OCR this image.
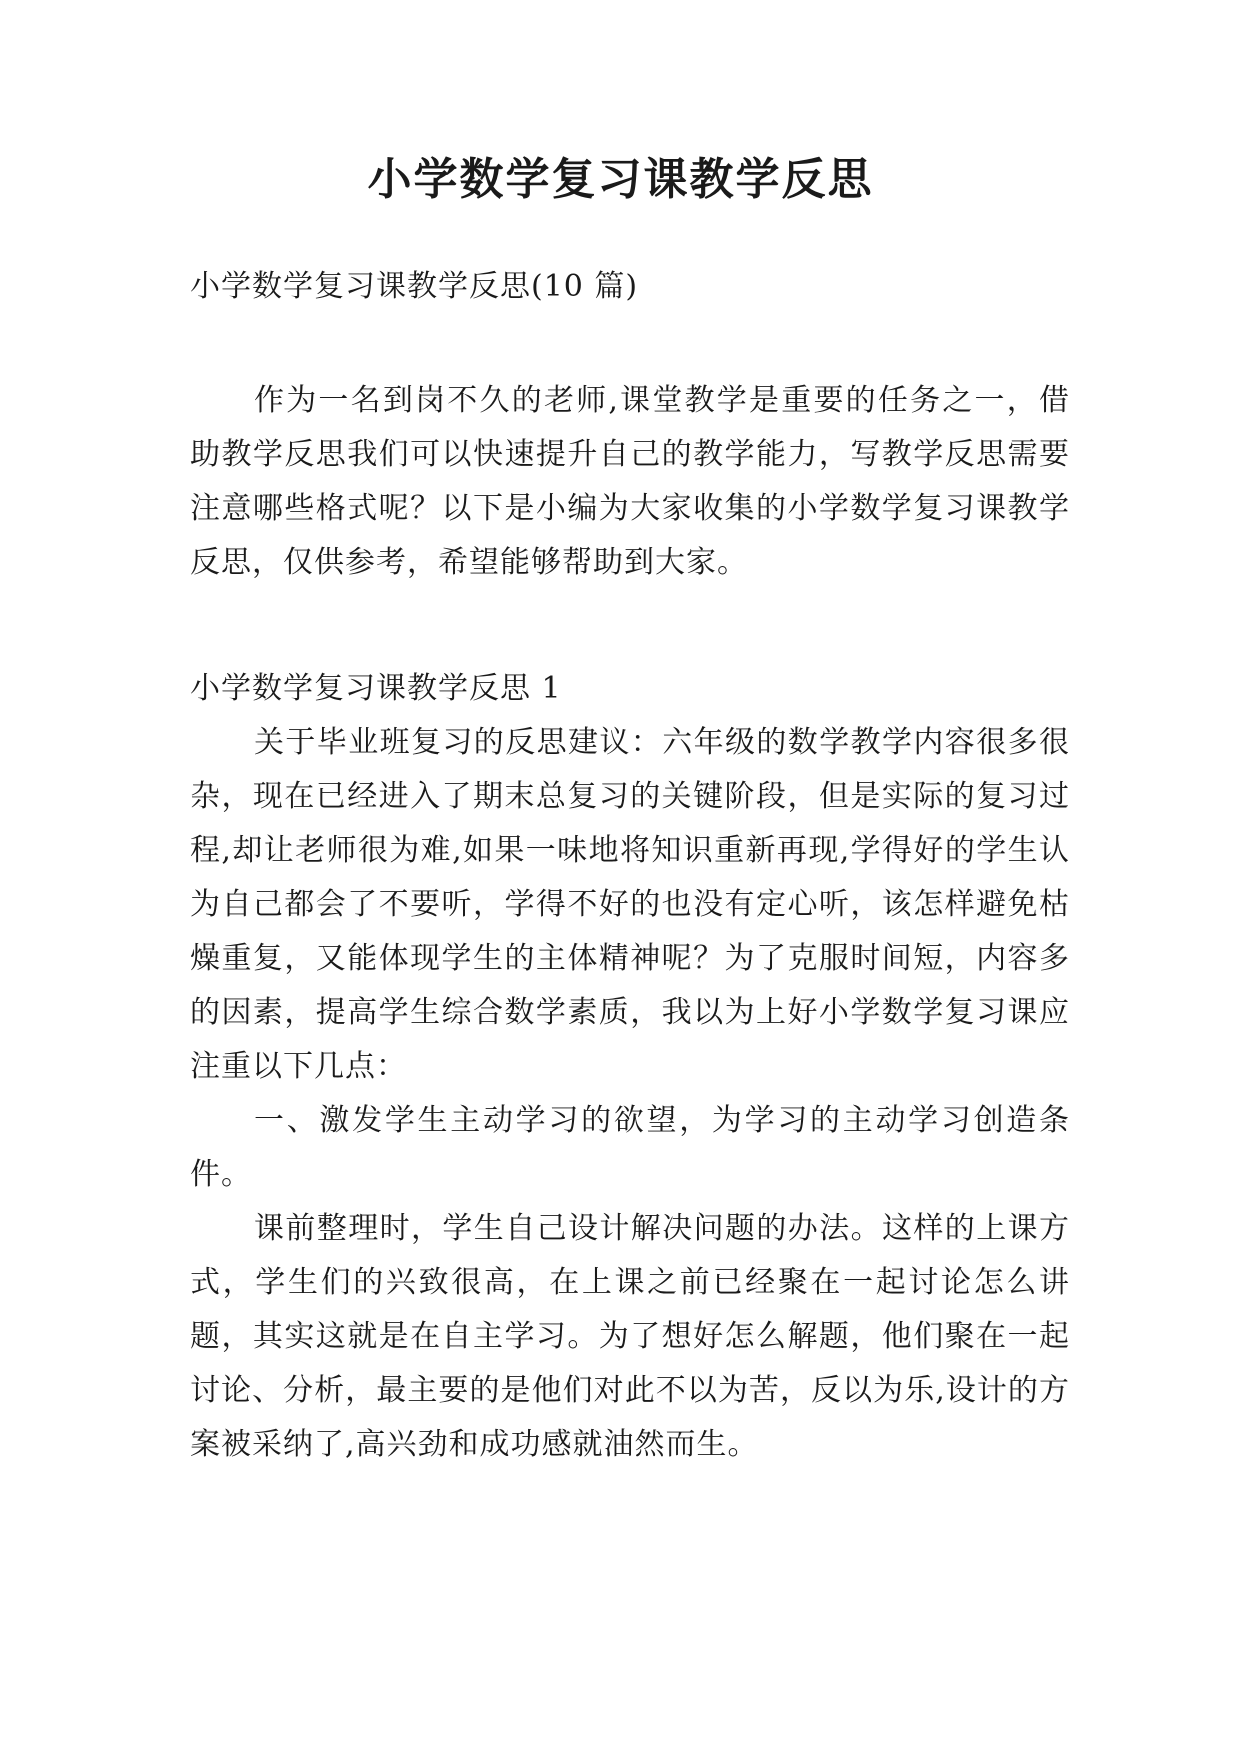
小学数学复习课教学反思

小学数学复习课教学反思(10 篇)

作为一名到岗不久的老师,课堂教学是重要的任务之一，借助教学反思我们可以快速提升自己的教学能力，写教学反思需要注意哪些格式呢？以下是小编为大家收集的小学数学复习课教学反思，仅供参考，希望能够帮助到大家。

小学数学复习课教学反思 1

关于毕业班复习的反思建议：六年级的数学教学内容很多很杂，现在已经进入了期末总复习的关键阶段，但是实际的复习过程,却让老师很为难,如果一味地将知识重新再现,学得好的学生认为自己都会了不要听，学得不好的也没有定心听，该怎样避免枯燥重复，又能体现学生的主体精神呢？为了克服时间短，内容多的因素，提高学生综合数学素质，我以为上好小学数学复习课应注重以下几点：

一、激发学生主动学习的欲望，为学习的主动学习创造条件。

课前整理时，学生自己设计解决问题的办法。这样的上课方式，学生们的兴致很高，在上课之前已经聚在一起讨论怎么讲题，其实这就是在自主学习。为了想好怎么解题，他们聚在一起讨论、分析，最主要的是他们对此不以为苦，反以为乐,设计的方案被采纳了,高兴劲和成功感就油然而生。
